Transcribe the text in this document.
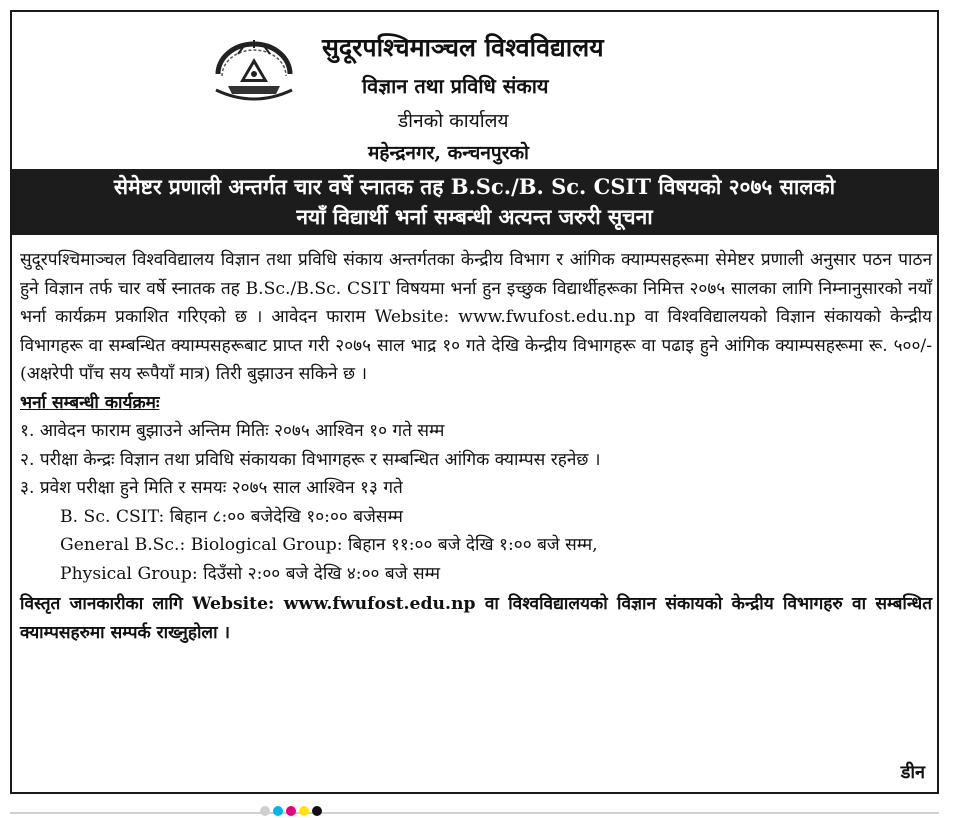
सुदूरपश्चिमाञ्चल विश्वविद्यालय
विज्ञान तथा प्रविधि संकाय
डीनको कार्यालय
महेन्द्रनगर, कन्चनपुरको
सेमेष्टर प्रणाली अन्तर्गत चार वर्षे स्नातक तह B.Sc./B. Sc. CSIT विषयको २०७५ सालको
नयाँ विद्यार्थी भर्ना सम्बन्धी अत्यन्त जरुरी सूचना

सुदूरपश्चिमाञ्चल विश्वविद्यालय विज्ञान तथा प्रविधि संकाय अन्तर्गतका केन्द्रीय विभाग र आंगिक क्याम्पसहरूमा सेमेष्टर प्रणाली अनुसार पठन पाठन हुने विज्ञान तर्फ चार वर्षे स्नातक तह B.Sc./B.Sc. CSIT विषयमा भर्ना हुन इच्छुक विद्यार्थीहरूका निमित्त २०७५ सालका लागि निम्नानुसारको नयाँ भर्ना कार्यक्रम प्रकाशित गरिएको छ । आवेदन फाराम Website: www.fwufost.edu.np वा विश्वविद्यालयको विज्ञान संकायको केन्द्रीय विभागहरू वा सम्बन्धित क्याम्पसहरूबाट प्राप्त गरी २०७५ साल भाद्र १० गते देखि केन्द्रीय विभागहरू वा पढाइ हुने आंगिक क्याम्पसहरूमा रू. ५००/- (अक्षरेपी पाँच सय रूपैयाँ मात्र) तिरी बुझाउन सकिने छ ।

भर्ना सम्बन्धी कार्यक्रमः

१. आवेदन फाराम बुझाउने अन्तिम मितिः २०७५ आश्विन १० गते सम्म

२. परीक्षा केन्द्रः विज्ञान तथा प्रविधि संकायका विभागहरू र सम्बन्धित आंगिक क्याम्पस रहनेछ ।

३. प्रवेश परीक्षा हुने मिति र समयः २०७५ साल आश्विन १३ गते

B. Sc. CSIT: बिहान ८:०० बजेदेखि १०:०० बजेसम्म

General B.Sc.: Biological Group: बिहान ११:०० बजे देखि १:०० बजे सम्म,

Physical Group: दिउँसो २:०० बजे देखि ४:०० बजे सम्म

विस्तृत जानकारीका लागि Website: www.fwufost.edu.np वा विश्वविद्यालयको विज्ञान संकायको केन्द्रीय विभागहरु वा सम्बन्धित क्याम्पसहरुमा सम्पर्क राख्नुहोला ।

डीन
